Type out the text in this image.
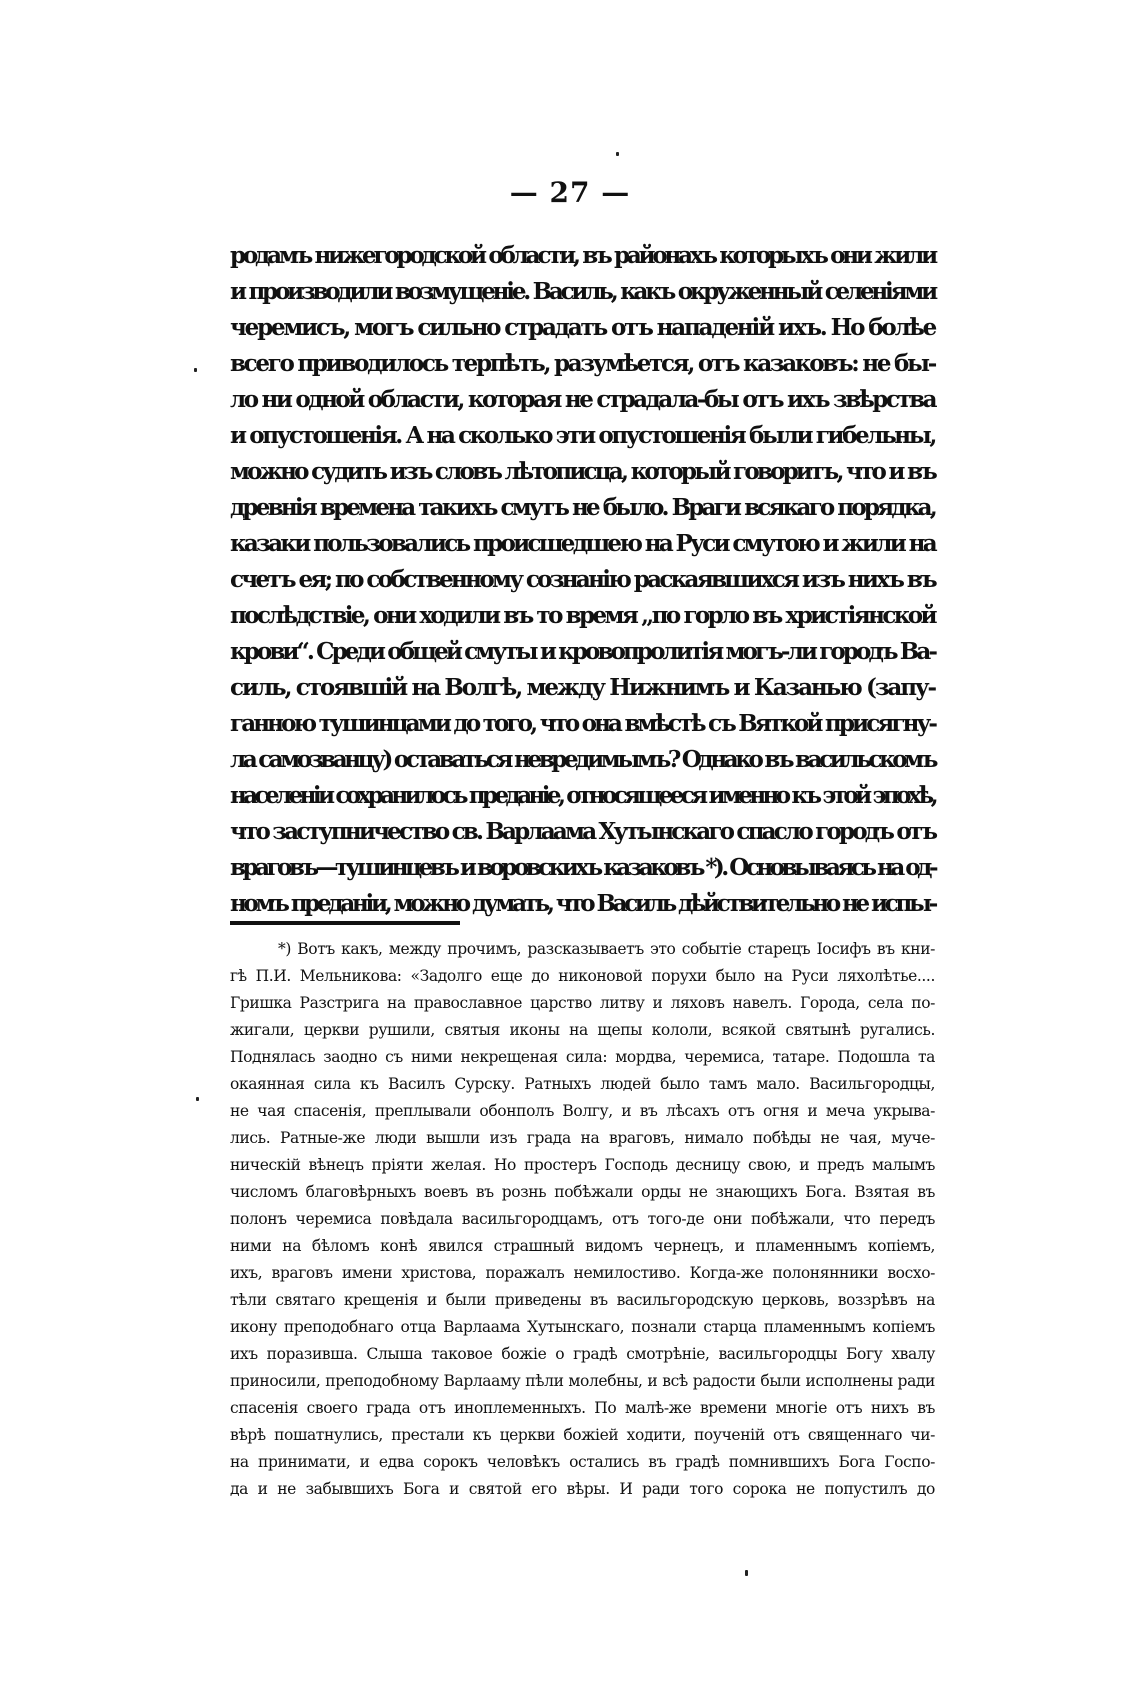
— 27 —
родамъ нижегородской области, въ районахъ которыхъ они жили
и производили возмущеніе. Василь, какъ окруженный селеніями
черемисъ, могъ сильно страдать отъ нападеній ихъ. Но болѣе
всего приводилось терпѣть, разумѣется, отъ казаковъ: не бы-
ло ни одной области, которая не страдала-бы отъ ихъ звѣрства
и опустошенія. А на сколько эти опустошенія были гибельны,
можно судить изъ словъ лѣтописца, который говоритъ, что и въ
древнія времена такихъ смутъ не было. Враги всякаго порядка,
казаки пользовались происшедшею на Руси смутою и жили на
счетъ ея; по собственному сознанію раскаявшихся изъ нихъ въ
послѣдствіе, они ходили въ то время „по горло въ христіянской
крови“. Среди общей смуты и кровопролитія могъ-ли городъ Ва-
силь, стоявшій на Волгѣ, между Нижнимъ и Казанью (запу-
ганною тушинцами до того, что она вмѣстѣ съ Вяткой присягну-
ла самозванцу) оставаться невредимымъ? Однако въ васильскомъ
населеніи сохранилось преданіе, относящееся именно къ этой эпохѣ,
что заступничество св. Варлаама Хутынскаго спасло городъ отъ
враговъ—тушинцевъ и воровскихъ казаковъ *). Основываясь на од-
номъ преданіи, можно думать, что Василь дѣйствительно не испы-
*) Вотъ какъ, между прочимъ, разсказываетъ это событіе старецъ Іосифъ въ кни-
гѣ П.И. Мельникова: «Задолго еще до никоновой порухи было на Руси ляхолѣтье....
Гришка Разстрига на православное царство литву и ляховъ навелъ. Города, села по-
жигали, церкви рушили, святыя иконы на щепы кололи, всякой святынѣ ругались.
Поднялась заодно съ ними некрещеная сила: мордва, черемиса, татаре. Подошла та
окаянная сила къ Василъ Сурску. Ратныхъ людей было тамъ мало. Васильгородцы,
не чая спасенія, преплывали обонполъ Волгу, и въ лѣсахъ отъ огня и меча укрыва-
лись. Ратные-же люди вышли изъ града на враговъ, нимало побѣды не чая, муче-
ническій вѣнецъ пріяти желая. Но простеръ Господь десницу свою, и предъ малымъ
числомъ благовѣрныхъ воевъ въ рознь побѣжали орды не знающихъ Бога. Взятая въ
полонъ черемиса повѣдала васильгородцамъ, отъ того-де они побѣжали, что передъ
ними на бѣломъ конѣ явился страшный видомъ чернецъ, и пламеннымъ копіемъ,
ихъ, враговъ имени христова, поражалъ немилостиво. Когда-же полонянники восхо-
тѣли святаго крещенія и были приведены въ васильгородскую церковь, воззрѣвъ на
икону преподобнаго отца Варлаама Хутынскаго, познали старца пламеннымъ копіемъ
ихъ поразивша. Слыша таковое божіе о градѣ смотрѣніе, васильгородцы Богу хвалу
приносили, преподобному Варлааму пѣли молебны, и всѣ радости были исполнены ради
спасенія своего града отъ иноплеменныхъ. По малѣ-же времени многіе отъ нихъ въ
вѣрѣ пошатнулись, престали къ церкви божіей ходити, поученій отъ священнаго чи-
на принимати, и едва сорокъ человѣкъ остались въ градѣ помнившихъ Бога Госпо-
да и не забывшихъ Бога и святой его вѣры. И ради того сорока не попустилъ до
